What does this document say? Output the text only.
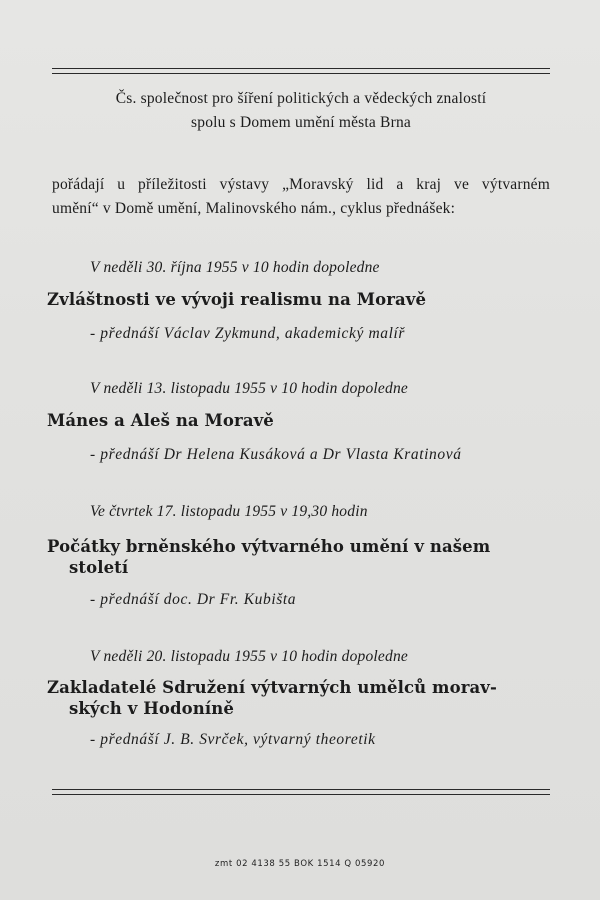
Čs. společnost pro šíření politických a vědeckých znalostí
spolu s Domem umění města Brna
pořádají u příležitosti výstavy „Moravský lid a kraj ve výtvarném
umění“ v Domě umění, Malinovského nám., cyklus přednášek:
V neděli 30. října 1955 v 10 hodin dopoledne
Zvláštnosti ve vývoji realismu na Moravě
- přednáší Václav Zykmund, akademický malíř
V neděli 13. listopadu 1955 v 10 hodin dopoledne
Mánes a Aleš na Moravě
- přednáší Dr Helena Kusáková a Dr Vlasta Kratinová
Ve čtvrtek 17. listopadu 1955 v 19,30 hodin
Počátky brněnského výtvarného umění v našem
století
- přednáší doc. Dr Fr. Kubišta
V neděli 20. listopadu 1955 v 10 hodin dopoledne
Zakladatelé Sdružení výtvarných umělců morav-
ských v Hodoníně
- přednáší J. B. Svrček, výtvarný theoretik
zmt 02 4138 55 BOK 1514 Q 05920
